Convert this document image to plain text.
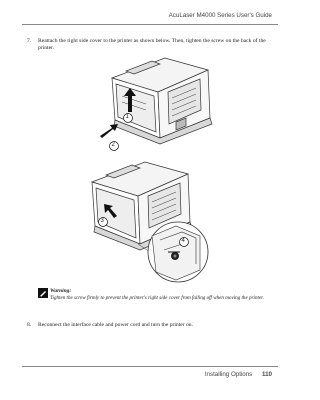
AcuLaser M4000 Series User's Guide
7. Reattach the right side cover to the printer as shown below. Then, tighten the screw on the back of the printer.
1
2
3
4
Warning:
Tighten the screw firmly to prevent the printer's right side cover from falling off when moving the printer.
8. Reconnect the interface cable and power cord and turn the printer on.
Installing Options 110
